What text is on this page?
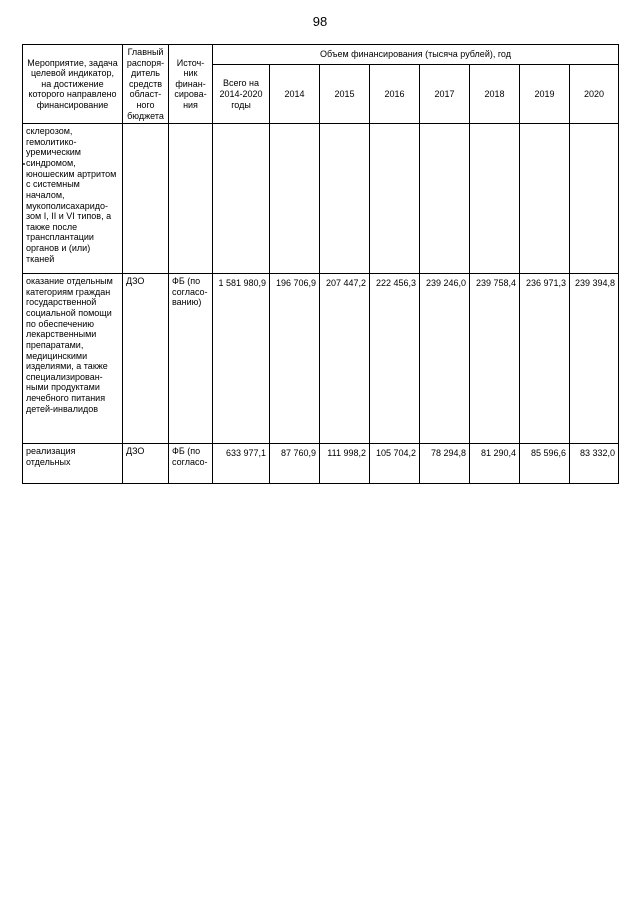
98
Мероприятие, задача целевой индикатор, на достижение которого направлено финансирование	Главный распоря-дитель средств област-ного бюджета	Источ-ник финан-сирова-ния	Объем финансирования (тысяча рублей), год							
			Всего на 2014-2020 годы	2014	2015	2016	2017	2018	2019	2020
склерозом, гемолитико-уремическим синдромом, юношеским артритом с системным началом, мукополисахаридо-зом I, II и VI типов, а также после трансплантации органов и (или) тканей										
оказание отдельным категориям граждан государственной социальной помощи по обеспечению лекарственными препаратами, медицинскими изделиями, а также специализирован-ными продуктами лечебного питания детей-инвалидов	ДЗО	ФБ (по согласо-ванию)	1 581 980,9	196 706,9	207 447,2	222 456,3	239 246,0	239 758,4	236 971,3	239 394,8
реализация отдельных	ДЗО	ФБ (по согласо-	633 977,1	87 760,9	111 998,2	105 704,2	78 294,8	81 290,4	85 596,6	83 332,0
